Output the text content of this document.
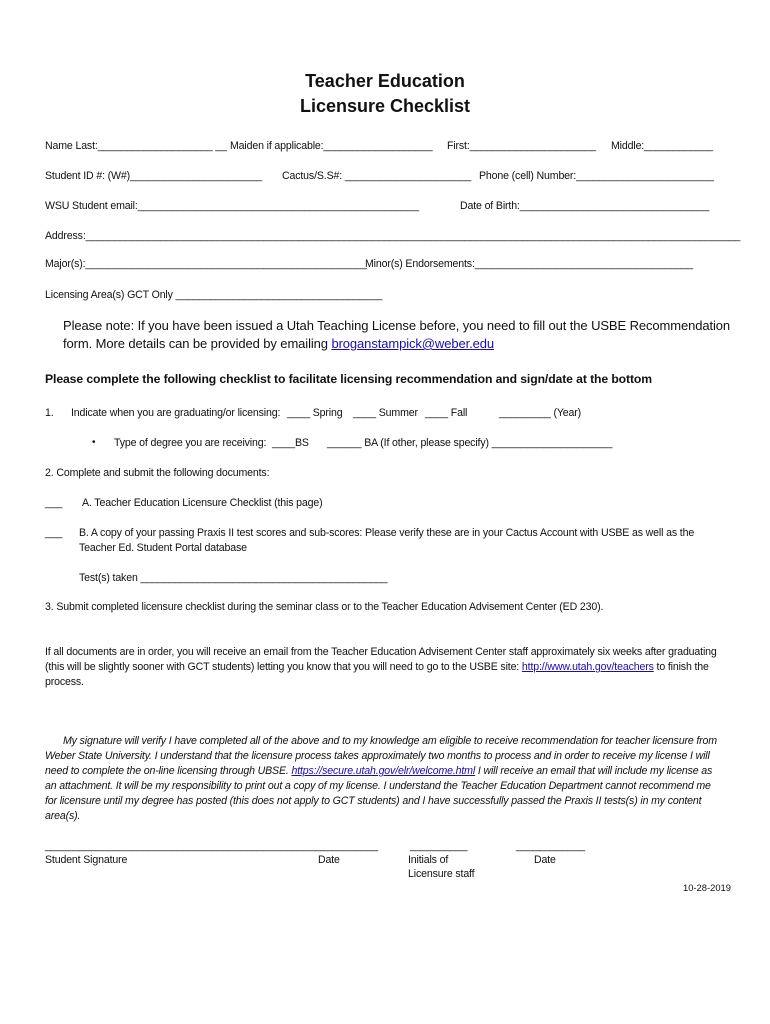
Teacher Education
Licensure Checklist
Name Last:____________________ __ Maiden if applicable:___________________ First:______________________ Middle:____________
Student ID #: (W#)_______________________ Cactus/S.S#: ______________________ Phone (cell) Number:________________________
WSU Student email:_________________________________________________	Date of Birth:_________________________________
Address:__________________________________________________________________________________________________________________
Major(s):_________________________________________________
Minor(s) Endorsements:______________________________________
Licensing Area(s) GCT Only ____________________________________
Please note: If you have been issued a Utah Teaching License before, you need to fill out the USBE Recommendation
form. More details can be provided by emailing broganstampick@weber.edu
Please complete the following checklist to facilitate licensing recommendation and sign/date at the bottom
1. Indicate when you are graduating/or licensing: ____ Spring ____ Summer ____ Fall	_________ (Year)
• Type of degree you are receiving: ____BS ______ BA (If other, please specify) _____________________
2. Complete and submit the following documents:
___ A. Teacher Education Licensure Checklist (this page)
___ B. A copy of your passing Praxis II test scores and sub-scores: Please verify these are in your Cactus Account with USBE as well as the
Teacher Ed. Student Portal database
Test(s) taken ___________________________________________
3. Submit completed licensure checklist during the seminar class or to the Teacher Education Advisement Center (ED 230).
If all documents are in order, you will receive an email from the Teacher Education Advisement Center staff approximately six weeks after graduating
(this will be slightly sooner with GCT students) letting you know that you will need to go to the USBE site: http://www.utah.gov/teachers to finish the
process.
My signature will verify I have completed all of the above and to my knowledge am eligible to receive recommendation for teacher licensure from
Weber State University. I understand that the licensure process takes approximately two months to process and in order to receive my license I will
need to complete the on-line licensing through UBSE. https://secure.utah.gov/elr/welcome.html I will receive an email that will include my license as
an attachment. It will be my responsibility to print out a copy of my license. I understand the Teacher Education Department cannot recommend me
for licensure until my degree has posted (this does not apply to GCT students) and I have successfully passed the Praxis II tests(s) in my content
area(s).
__________________________________________________________	__________	____________
Student Signature	Date	Initials of	Date
Licensure staff
10-28-2019
